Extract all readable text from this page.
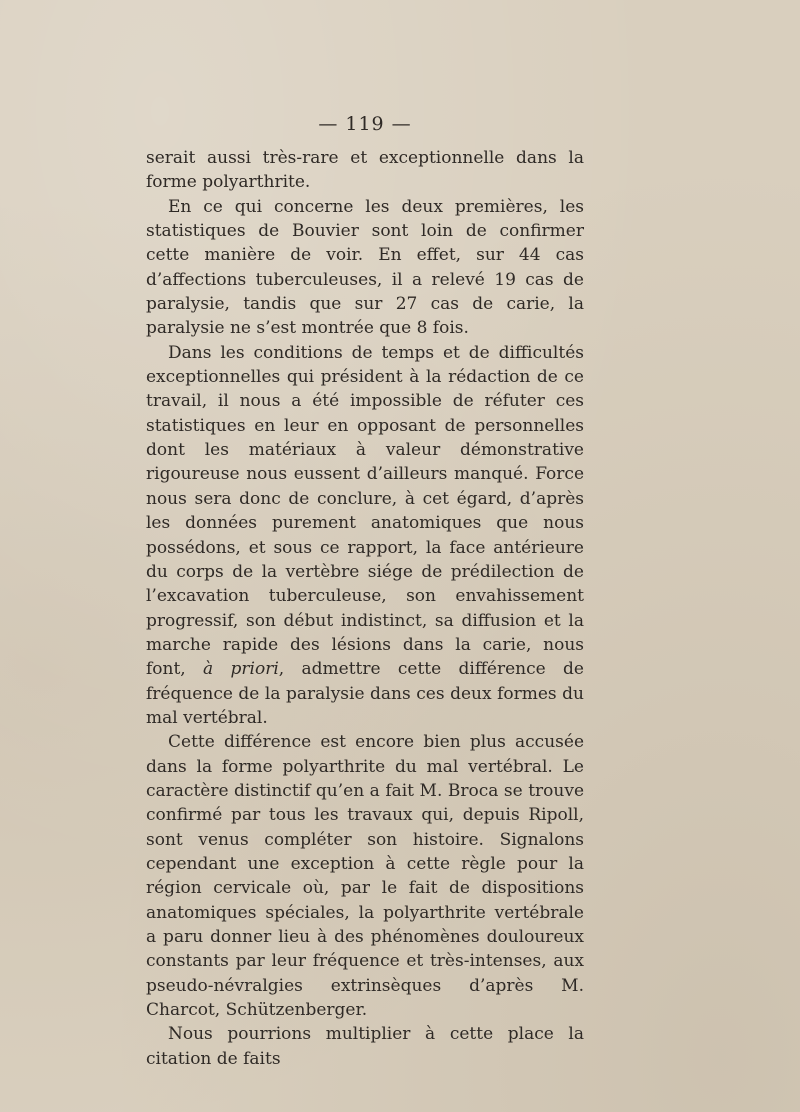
— 119 —

serait aussi très-rare et exceptionnelle dans la forme polyarthrite.

En ce qui concerne les deux premières, les statistiques de Bouvier sont loin de confirmer cette manière de voir. En effet, sur 44 cas d’affections tuberculeuses, il a relevé 19 cas de paralysie, tandis que sur 27 cas de carie, la paralysie ne s’est montrée que 8 fois.

Dans les conditions de temps et de difficultés exceptionnelles qui président à la rédaction de ce travail, il nous a été impossible de réfuter ces statistiques en leur en opposant de personnelles dont les matériaux à valeur démonstrative rigoureuse nous eussent d’ailleurs manqué. Force nous sera donc de conclure, à cet égard, d’après les données purement anatomiques que nous possédons, et sous ce rapport, la face antérieure du corps de la vertèbre siége de prédilection de l’excavation tuberculeuse, son envahissement progressif, son début indistinct, sa diffusion et la marche rapide des lésions dans la carie, nous font, à priori, admettre cette différence de fréquence de la paralysie dans ces deux formes du mal vertébral.

Cette différence est encore bien plus accusée dans la forme polyarthrite du mal vertébral. Le caractère distinctif qu’en a fait M. Broca se trouve confirmé par tous les travaux qui, depuis Ripoll, sont venus compléter son histoire. Signalons cependant une exception à cette règle pour la région cervicale où, par le fait de dispositions anatomiques spéciales, la polyarthrite vertébrale a paru donner lieu à des phénomènes douloureux constants par leur fréquence et très-intenses, aux pseudo-névralgies extrinsèques d’après M. Charcot, Schützenberger.

Nous pourrions multiplier à cette place la citation de faits
